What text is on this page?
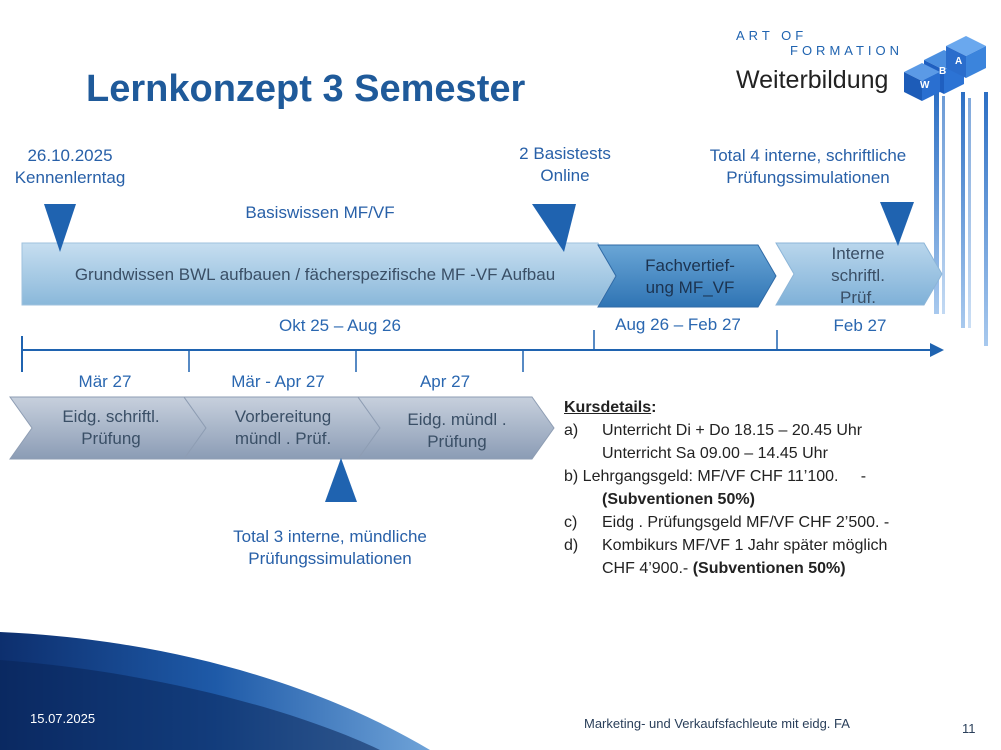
Lernkonzept 3 Semester
ART OF
FORMATION
Weiterbildung
A
B
W
26.10.2025
Kennenlerntag
2 Basistests
Online
Total 4 interne, schriftliche
Prüfungssimulationen
Basiswissen MF/VF
Grundwissen BWL aufbauen / fächerspezifische MF -VF Aufbau	Fachvertief-
ung MF_VF
Interne
schriftl.
Prüf.
Okt 25 – Aug 26	Aug 26 – Feb 27	Feb 27
Mär 27	Mär - Apr 27	Apr 27
Eidg. schriftl.
Prüfung
Vorbereitung
mündl . Prüf.
Eidg. mündl .
Prüfung
Total 3 interne, mündliche
Prüfungssimulationen
Kursdetails:
a) Unterricht Di + Do 18.15 – 20.45 Uhr
Unterricht Sa 09.00 – 14.45 Uhr
b) Lehrgangsgeld: MF/VF CHF 11’100.     -
(Subventionen 50%)
c) Eidg . Prüfungsgeld MF/VF CHF 2’500. -
d) Kombikurs MF/VF 1 Jahr später möglich
CHF 4’900.- (Subventionen 50%)
15.07.2025	Marketing- und Verkaufsfachleute mit eidg. FA	11
